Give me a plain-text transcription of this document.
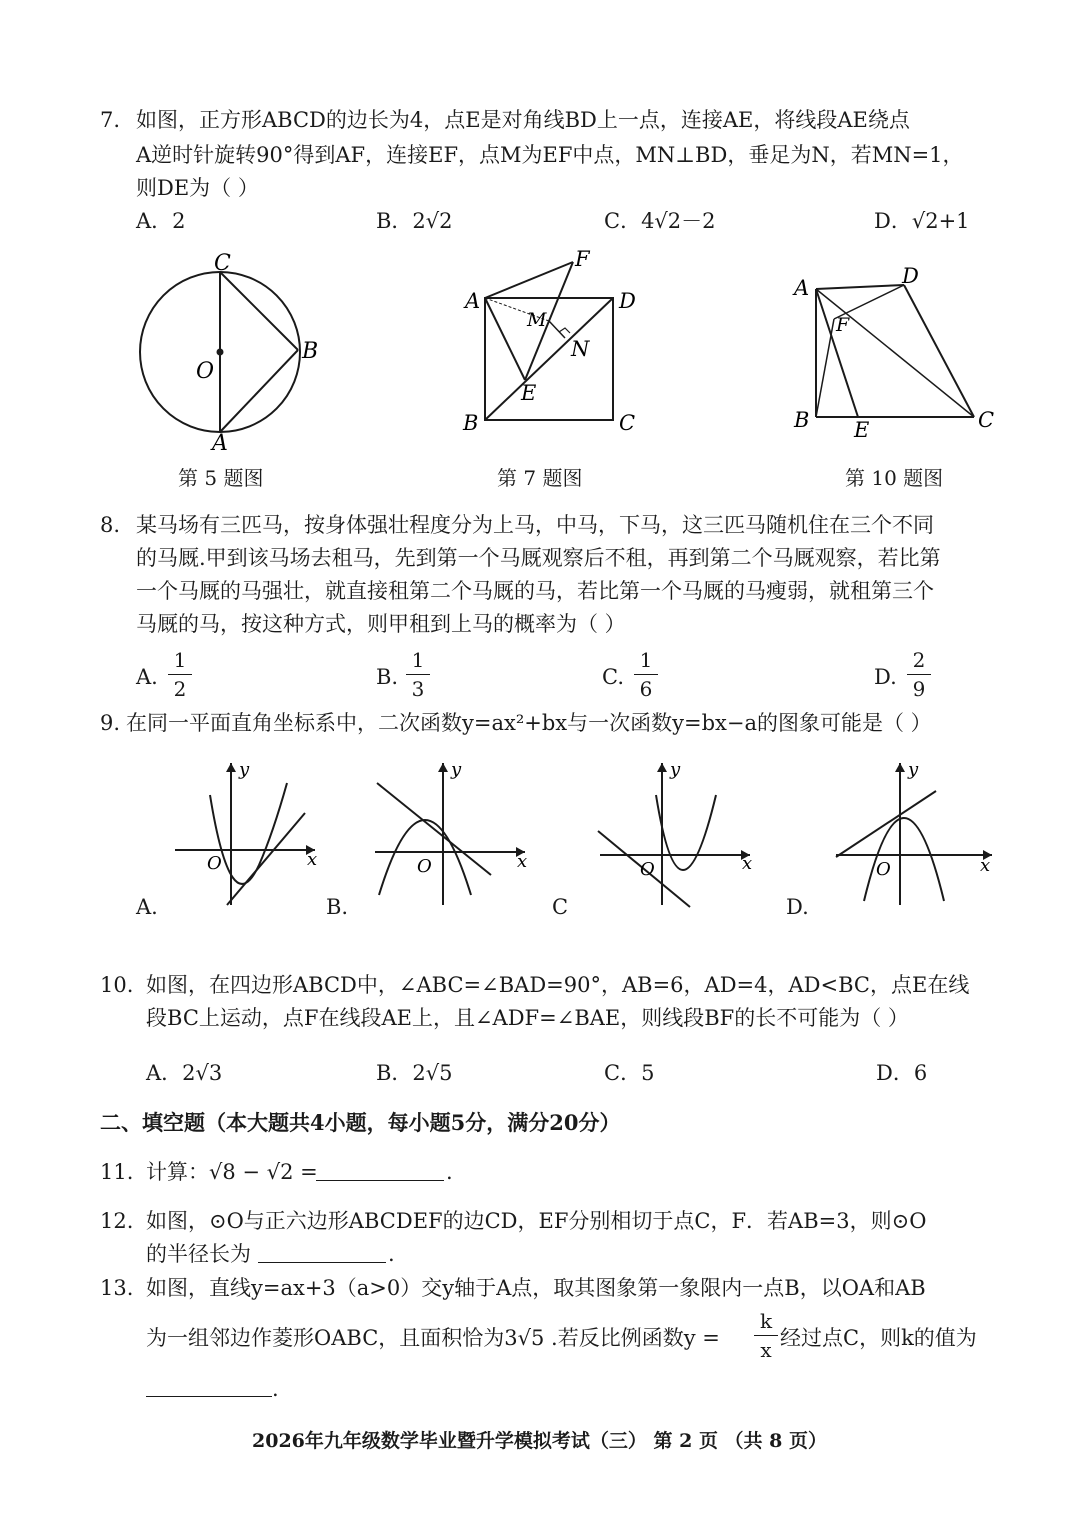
7. 如图，正方形ABCD的边长为4，点E是对角线BD上一点，连接AE，将线段AE绕点
A逆时针旋转90°得到AF，连接EF，点M为EF中点，MN⊥BD，垂足为N，若MN=1，
则DE为（ ）
A．2	B．2√2	C．4√2－2	D．√2+1
C
B
O
A
第 5 题图
A
F
D
M
N
E
B	C
第 7 题图
A	D
F
B E	C
第 10 题图
8. 某马场有三匹马，按身体强壮程度分为上马，中马，下马，这三匹马随机住在三个不同
的马厩.甲到该马场去租马，先到第一个马厩观察后不租，再到第二个马厩观察，若比第
一个马厩的马强壮，就直接租第二个马厩的马，若比第一个马厩的马瘦弱，就租第三个
马厩的马，按这种方式，则甲租到上马的概率为（ ）
A.
1
2	B.
1
3	C.
1
6	D.
2
9
9. 在同一平面直角坐标系中，二次函数y=ax²+bx与一次函数y=bx−a的图象可能是（ ）
y
x
O
A.
y
x
O
B.
y
x
O
C
y
x
O
D.
10. 如图，在四边形ABCD中，∠ABC=∠BAD=90°，AB=6，AD=4，AD<BC，点E在线
段BC上运动，点F在线段AE上，且∠ADF=∠BAE，则线段BF的长不可能为（ ）
A．2√3	B．2√5	C．5	D．6
二、填空题（本大题共4小题，每小题5分，满分20分）
11. 计算：√8 − √2 =	.
12. 如图，⊙O与正六边形ABCDEF的边CD，EF分别相切于点C，F．若AB=3，则⊙O
的半径长为	.
13. 如图，直线y=ax+3（a>0）交y轴于A点，取其图象第一象限内一点B，以OA和AB
为一组邻边作菱形OABC，且面积恰为3√5 .若反比例函数y =
k
x 经过点C，则k的值为
.
2026年九年级数学毕业暨升学模拟考试（三） 第 2 页 （共 8 页）
